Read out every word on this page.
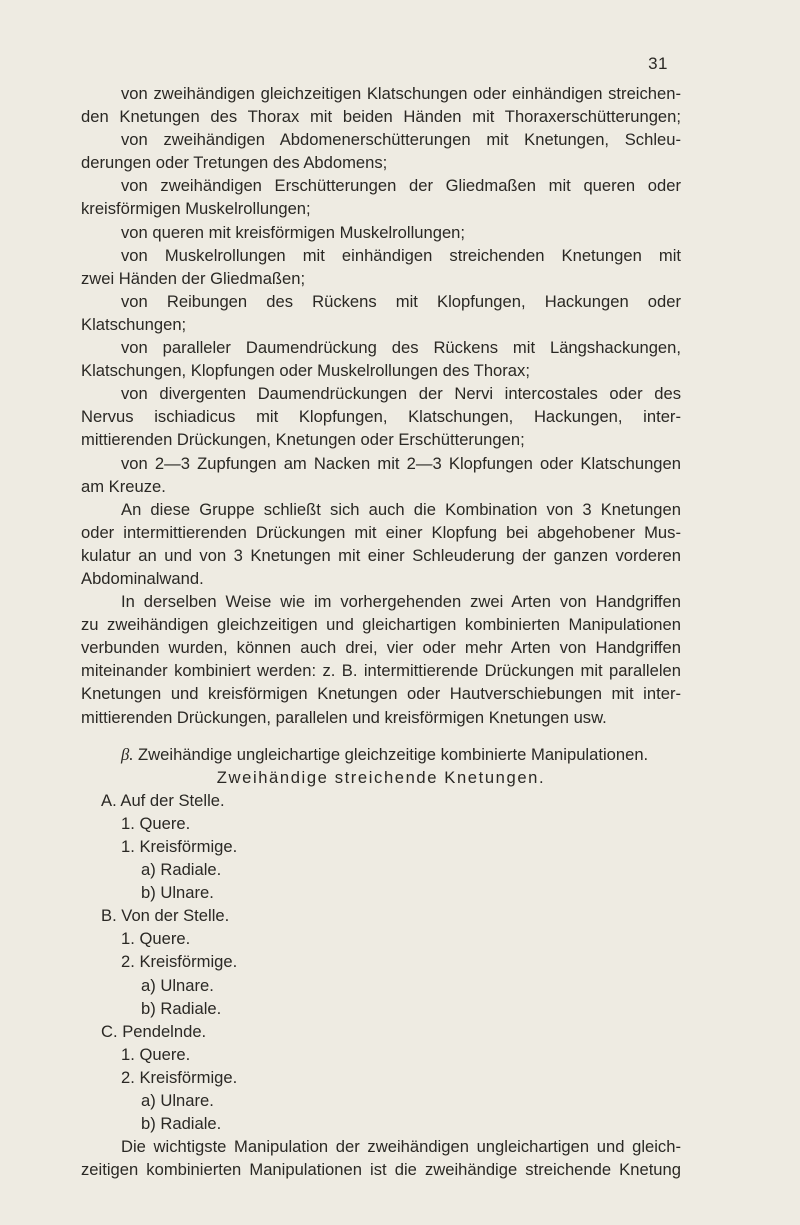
31
von zweihändigen gleichzeitigen Klatschungen oder einhändigen streichen-
den Knetungen des Thorax mit beiden Händen mit Thoraxerschütterungen;
von zweihändigen Abdomenerschütterungen mit Knetungen, Schleu-
derungen oder Tretungen des Abdomens;
von zweihändigen Erschütterungen der Gliedmaßen mit queren oder
kreisförmigen Muskelrollungen;
von queren mit kreisförmigen Muskelrollungen;
von Muskelrollungen mit einhändigen streichenden Knetungen mit
zwei Händen der Gliedmaßen;
von Reibungen des Rückens mit Klopfungen, Hackungen oder
Klatschungen;
von paralleler Daumendrückung des Rückens mit Längshackungen,
Klatschungen, Klopfungen oder Muskelrollungen des Thorax;
von divergenten Daumendrückungen der Nervi intercostales oder des
Nervus ischiadicus mit Klopfungen, Klatschungen, Hackungen, inter-
mittierenden Drückungen, Knetungen oder Erschütterungen;
von 2—3 Zupfungen am Nacken mit 2—3 Klopfungen oder Klatschungen
am Kreuze.
An diese Gruppe schließt sich auch die Kombination von 3 Knetungen
oder intermittierenden Drückungen mit einer Klopfung bei abgehobener Mus-
kulatur an und von 3 Knetungen mit einer Schleuderung der ganzen vorderen
Abdominalwand.
In derselben Weise wie im vorhergehenden zwei Arten von Handgriffen
zu zweihändigen gleichzeitigen und gleichartigen kombinierten Manipulationen
verbunden wurden, können auch drei, vier oder mehr Arten von Handgriffen
miteinander kombiniert werden: z. B. intermittierende Drückungen mit parallelen
Knetungen und kreisförmigen Knetungen oder Hautverschiebungen mit inter-
mittierenden Drückungen, parallelen und kreisförmigen Knetungen usw.
β. Zweihändige ungleichartige gleichzeitige kombinierte Manipulationen.
Zweihändige streichende Knetungen.
A. Auf der Stelle.
1. Quere.
1. Kreisförmige.
a) Radiale.
b) Ulnare.
B. Von der Stelle.
1. Quere.
2. Kreisförmige.
a) Ulnare.
b) Radiale.
C. Pendelnde.
1. Quere.
2. Kreisförmige.
a) Ulnare.
b) Radiale.
Die wichtigste Manipulation der zweihändigen ungleichartigen und gleich-
zeitigen kombinierten Manipulationen ist die zweihändige streichende Knetung
